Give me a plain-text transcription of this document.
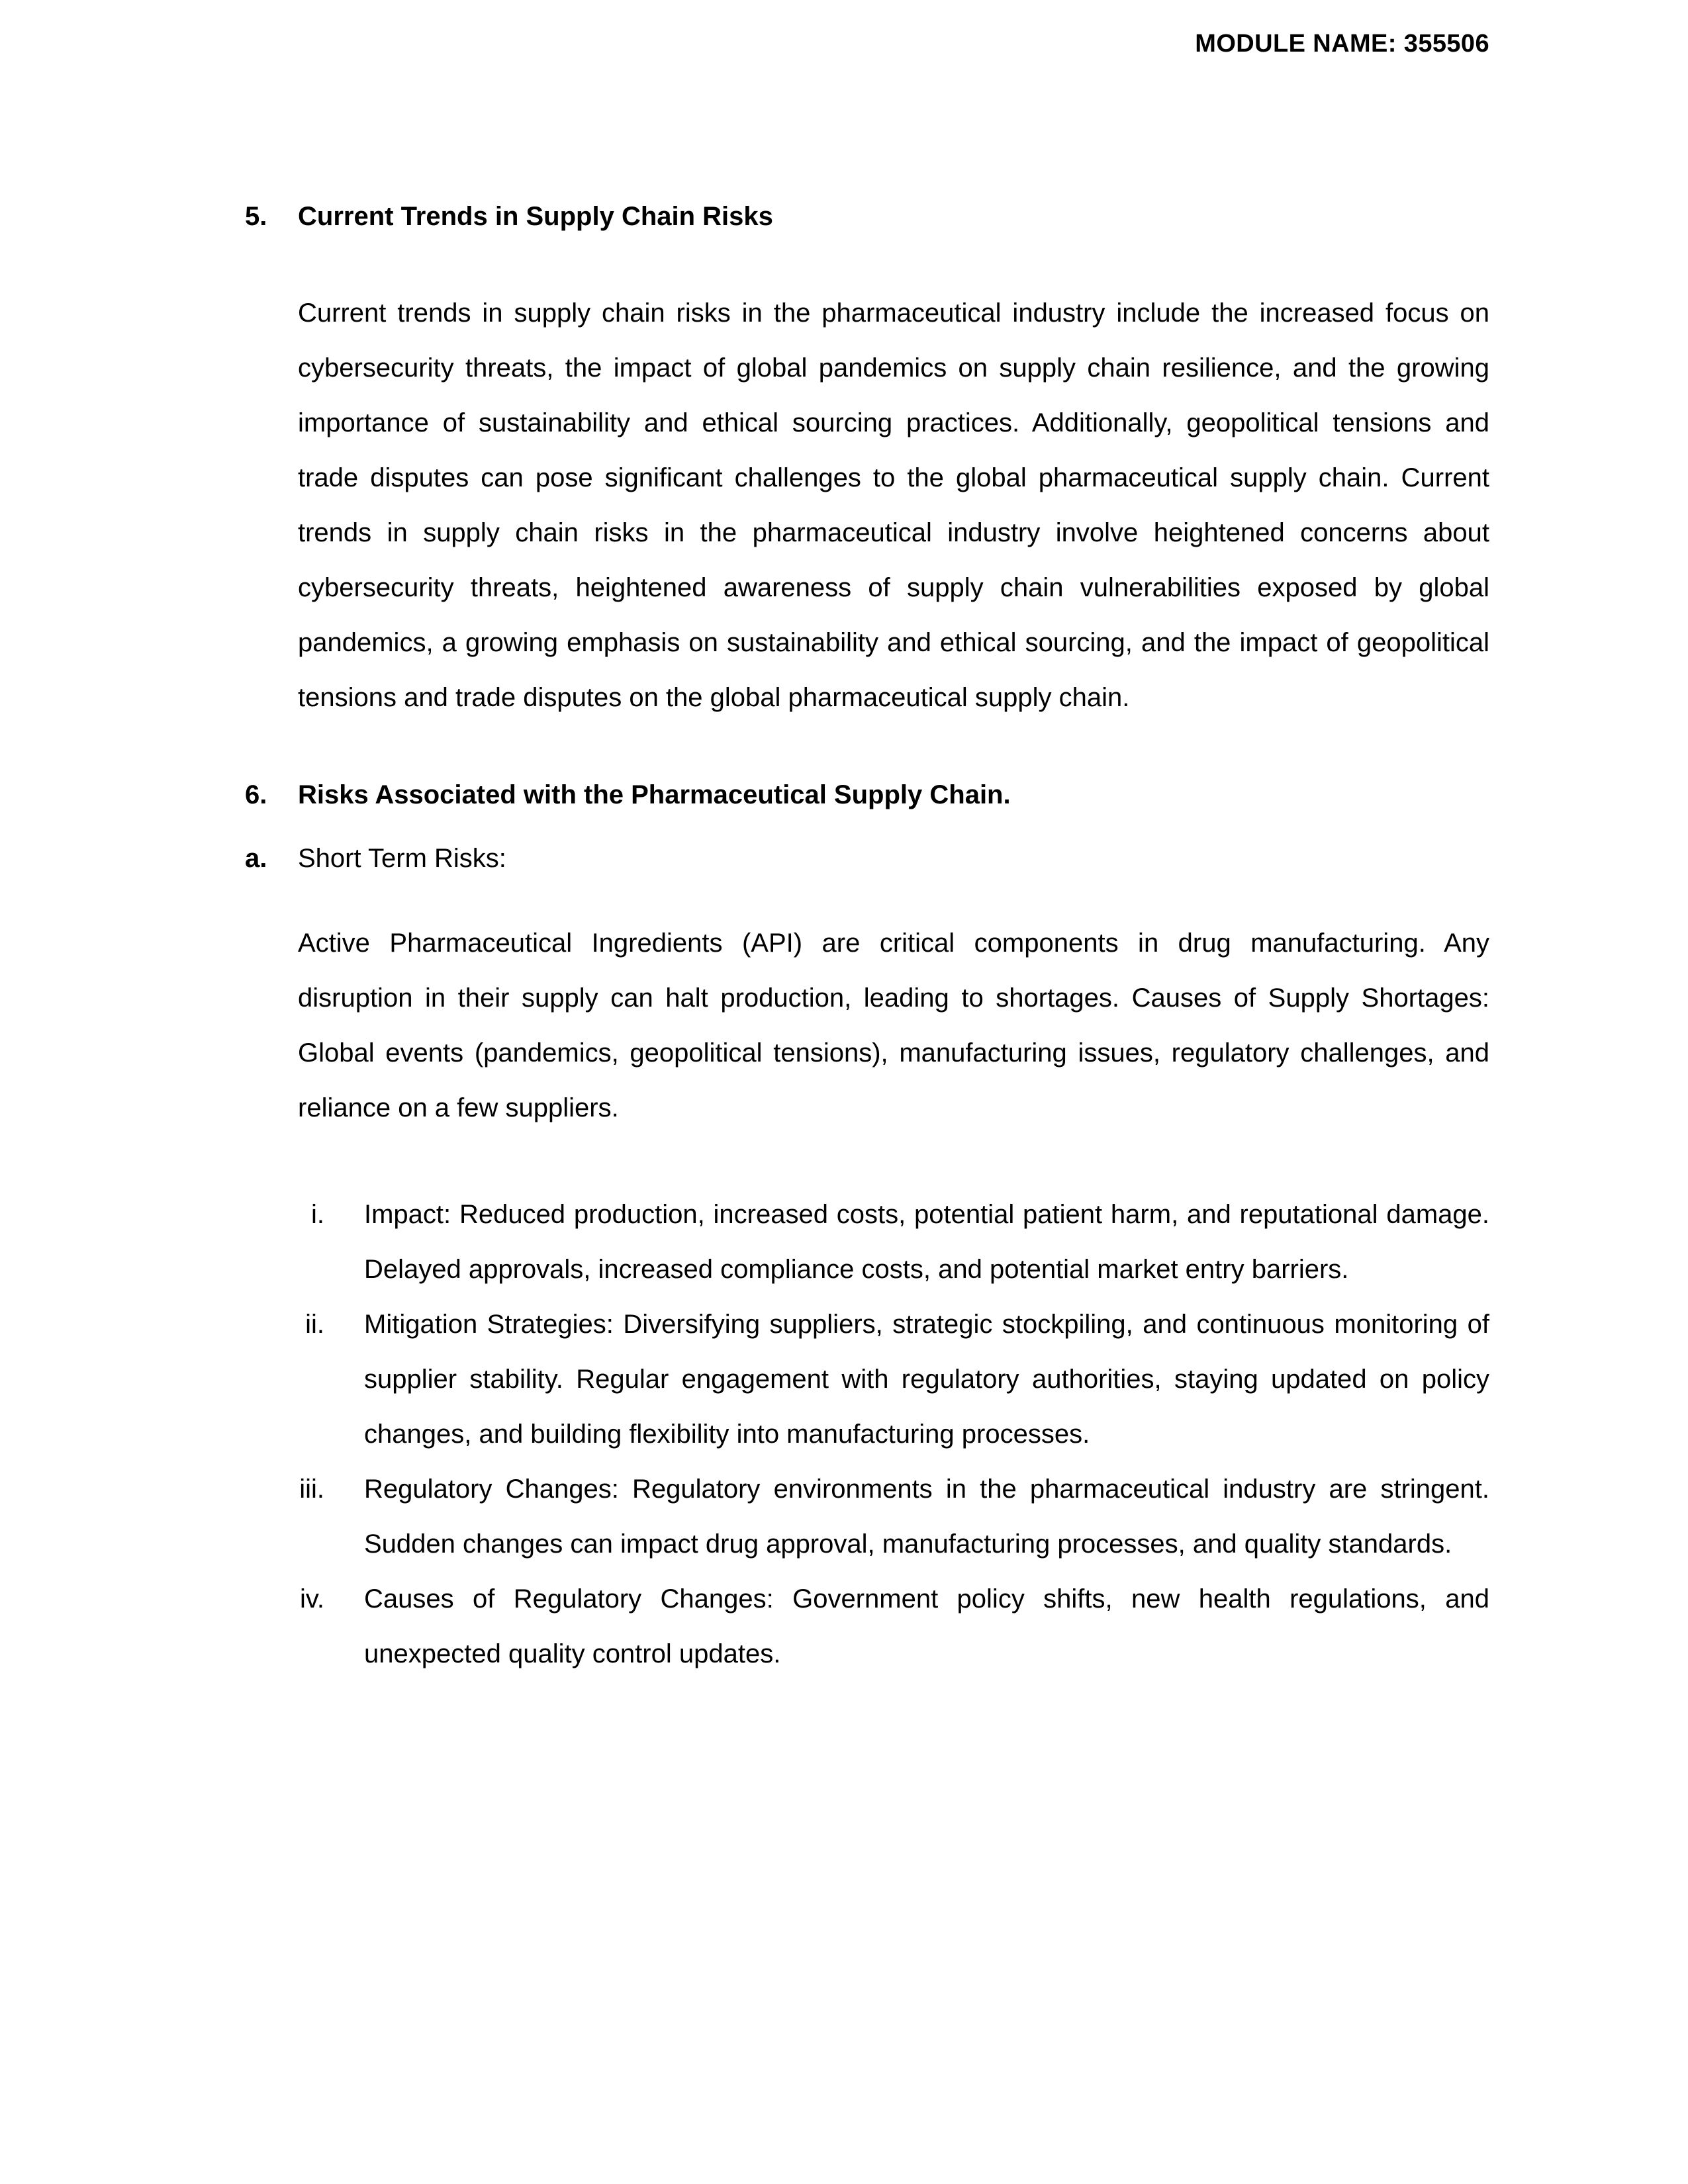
MODULE NAME: 355506
5.	Current Trends in Supply Chain Risks

Current trends in supply chain risks in the pharmaceutical industry include the increased focus on cybersecurity threats, the impact of global pandemics on supply chain resilience, and the growing importance of sustainability and ethical sourcing practices. Additionally, geopolitical tensions and trade disputes can pose significant challenges to the global pharmaceutical supply chain. Current trends in supply chain risks in the pharmaceutical industry involve heightened concerns about cybersecurity threats, heightened awareness of supply chain vulnerabilities exposed by global pandemics, a growing emphasis on sustainability and ethical sourcing, and the impact of geopolitical tensions and trade disputes on the global pharmaceutical supply chain.

6.	Risks Associated with the Pharmaceutical Supply Chain.
a.	Short Term Risks:

Active Pharmaceutical Ingredients (API) are critical components in drug manufacturing. Any disruption in their supply can halt production, leading to shortages. Causes of Supply Shortages: Global events (pandemics, geopolitical tensions), manufacturing issues, regulatory challenges, and reliance on a few suppliers.

i.	Impact: Reduced production, increased costs, potential patient harm, and reputational damage. Delayed approvals, increased compliance costs, and potential market entry barriers.
ii.	Mitigation Strategies: Diversifying suppliers, strategic stockpiling, and continuous monitoring of supplier stability. Regular engagement with regulatory authorities, staying updated on policy changes, and building flexibility into manufacturing processes.
iii.	Regulatory Changes: Regulatory environments in the pharmaceutical industry are stringent. Sudden changes can impact drug approval, manufacturing processes, and quality standards.
iv.	Causes of Regulatory Changes: Government policy shifts, new health regulations, and unexpected quality control updates.
